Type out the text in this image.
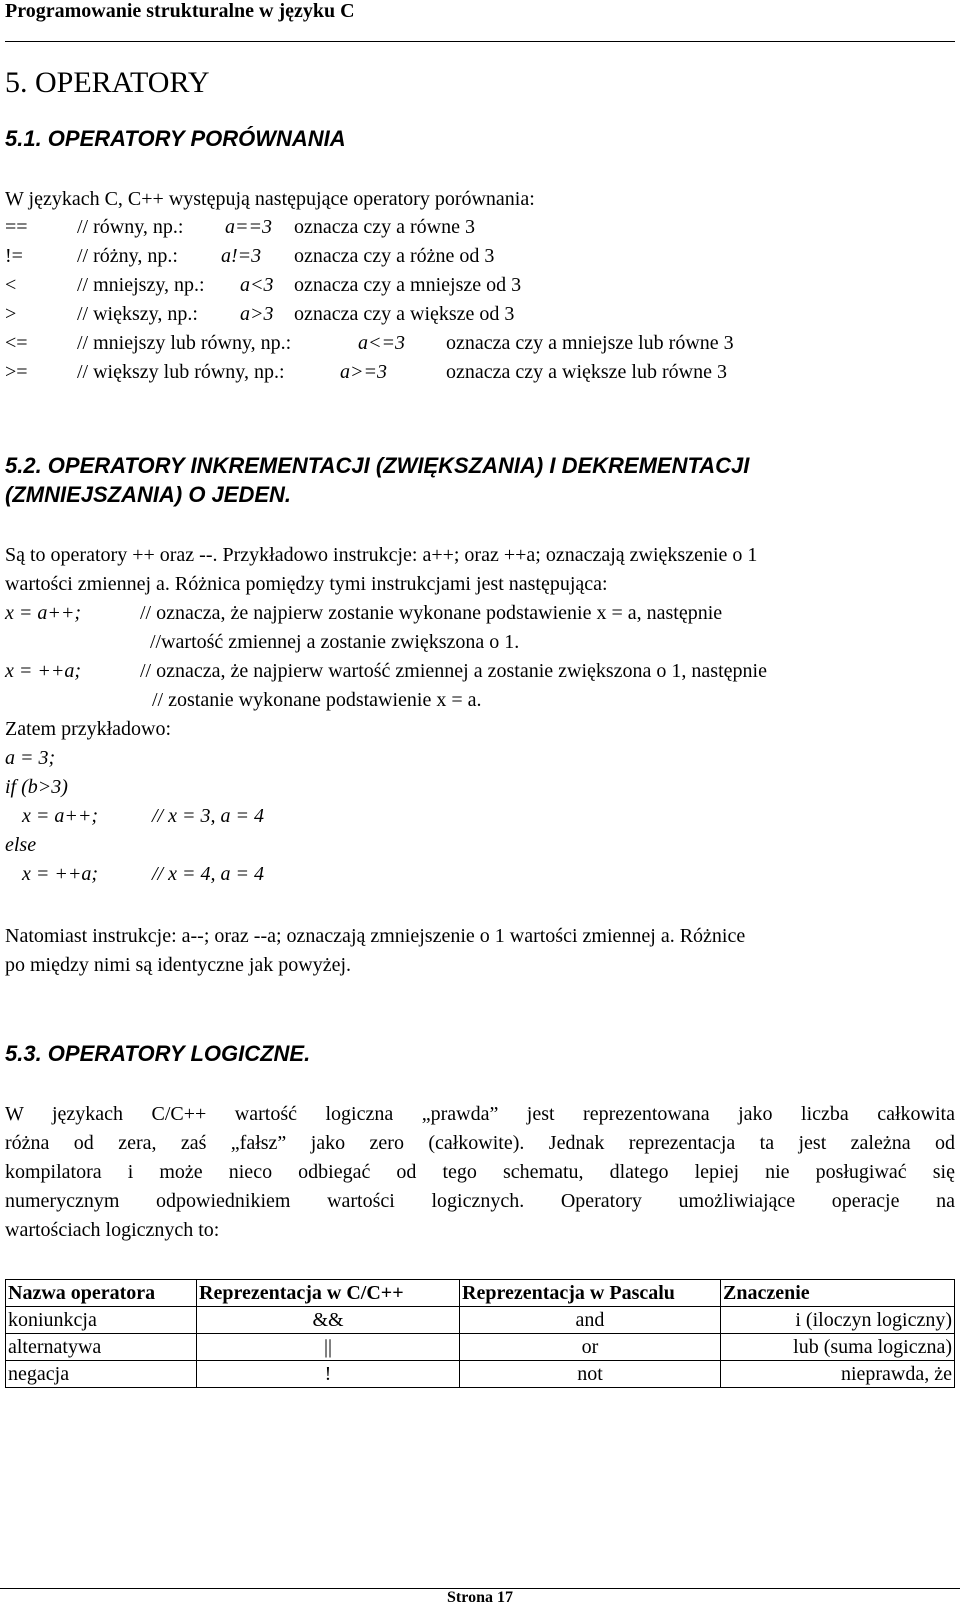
Programowanie strukturalne w języku C
5. OPERATORY
5.1. OPERATORY PORÓWNANIA
W językach C, C++ występują następujące operatory porównania:
== // równy, np.: a==3 oznacza czy a równe 3
!=	// różny, np.: a!=3 oznacza czy a różne od 3
<	// mniejszy, np.: a<3 oznacza czy a mniejsze od 3
>	// większy, np.: a>3 oznacza czy a większe od 3
<= // mniejszy lub równy, np.:	a<=3 oznacza czy a mniejsze lub równe 3
>= // większy lub równy, np.:	a>=3	oznacza czy a większe lub równe 3
5.2. OPERATORY INKREMENTACJI (ZWIĘKSZANIA) I DEKREMENTACJI
(ZMNIEJSZANIA) O JEDEN.
Są to operatory ++ oraz --. Przykładowo instrukcje: a++; oraz ++a; oznaczają zwiększenie o 1
wartości zmiennej a. Różnica pomiędzy tymi instrukcjami jest następująca:
x = a++;	// oznacza, że najpierw zostanie wykonane podstawienie x = a, następnie
//wartość zmiennej a zostanie zwiększona o 1.
x = ++a;	// oznacza, że najpierw wartość zmiennej a zostanie zwiększona o 1, następnie
// zostanie wykonane podstawienie x = a.
Zatem przykładowo:
a = 3;
if (b>3)
x = a++;	// x = 3, a = 4
else
x = ++a;	// x = 4, a = 4
Natomiast instrukcje: a--; oraz --a; oznaczają zmniejszenie o 1 wartości zmiennej a. Różnice
po między nimi są identyczne jak powyżej.
5.3. OPERATORY LOGICZNE.
W językach C/C++ wartość logiczna „prawda” jest reprezentowana jako liczba całkowita
różna od zera, zaś „fałsz” jako zero (całkowite). Jednak reprezentacja ta jest zależna od
kompilatora i może nieco odbiegać od tego schematu, dlatego lepiej nie posługiwać się
numerycznym odpowiednikiem wartości logicznych. Operatory umożliwiające operacje na
wartościach logicznych to:
Nazwa operatora	Reprezentacja w C/C++	Reprezentacja w Pascalu	Znaczenie
koniunkcja	&&	and	i (iloczyn logiczny)
alternatywa	||	or	lub (suma logiczna)
negacja	!	not	nieprawda, że
Strona 17
